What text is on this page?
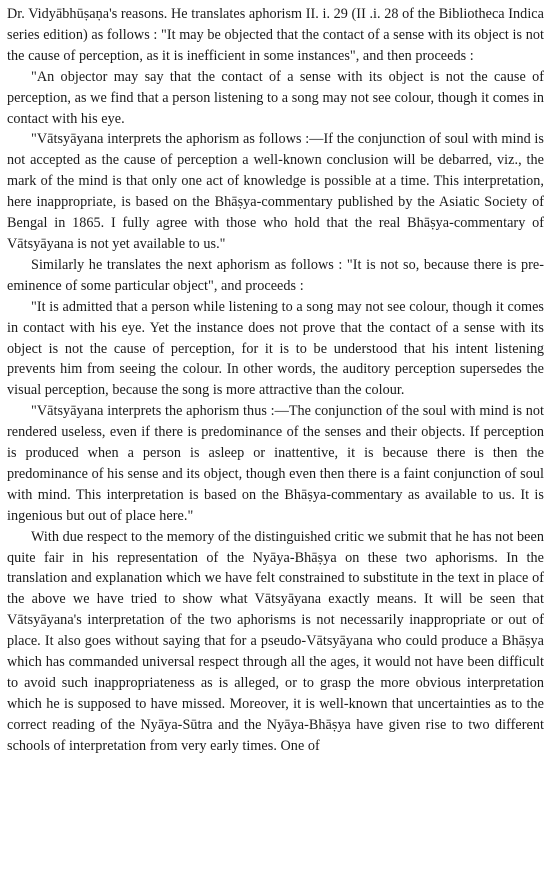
Dr. Vidyābhūṣaṇa's reasons. He translates aphorism II. i. 29 (II .i. 28 of the Bibliotheca Indica series edition) as follows : "It may be objected that the contact of a sense with its object is not the cause of perception, as it is inefficient in some instances", and then proceeds :

"An objector may say that the contact of a sense with its object is not the cause of perception, as we find that a person listening to a song may not see colour, though it comes in contact with his eye.

"Vātsyāyana interprets the aphorism as follows :—If the conjunction of soul with mind is not accepted as the cause of perception a well-known conclusion will be debarred, viz., the mark of the mind is that only one act of knowledge is possible at a time. This interpretation, here inappropriate, is based on the Bhāṣya-commentary published by the Asiatic Society of Bengal in 1865. I fully agree with those who hold that the real Bhāṣya-commentary of Vātsyāyana is not yet available to us."

Similarly he translates the next aphorism as follows : "It is not so, because there is pre-eminence of some particular object", and proceeds :

"It is admitted that a person while listening to a song may not see colour, though it comes in contact with his eye. Yet the instance does not prove that the contact of a sense with its object is not the cause of perception, for it is to be understood that his intent listening prevents him from seeing the colour. In other words, the auditory perception supersedes the visual perception, because the song is more attractive than the colour.

"Vātsyāyana interprets the aphorism thus :—The conjunction of the soul with mind is not rendered useless, even if there is predominance of the senses and their objects. If perception is produced when a person is asleep or inattentive, it is because there is then the predominance of his sense and its object, though even then there is a faint conjunction of soul with mind. This interpretation is based on the Bhāṣya-commentary as available to us. It is ingenious but out of place here."

With due respect to the memory of the distinguished critic we submit that he has not been quite fair in his representation of the Nyāya-Bhāṣya on these two aphorisms. In the translation and explanation which we have felt constrained to substitute in the text in place of the above we have tried to show what Vātsyāyana exactly means. It will be seen that Vātsyāyana's interpretation of the two aphorisms is not necessarily inappropriate or out of place. It also goes without saying that for a pseudo-Vātsyāyana who could produce a Bhāṣya which has commanded universal respect through all the ages, it would not have been difficult to avoid such inappropriateness as is alleged, or to grasp the more obvious interpretation which he is supposed to have missed. Moreover, it is well-known that uncertainties as to the correct reading of the Nyāya-Sūtra and the Nyāya-Bhāṣya have given rise to two different schools of interpretation from very early times. One of
